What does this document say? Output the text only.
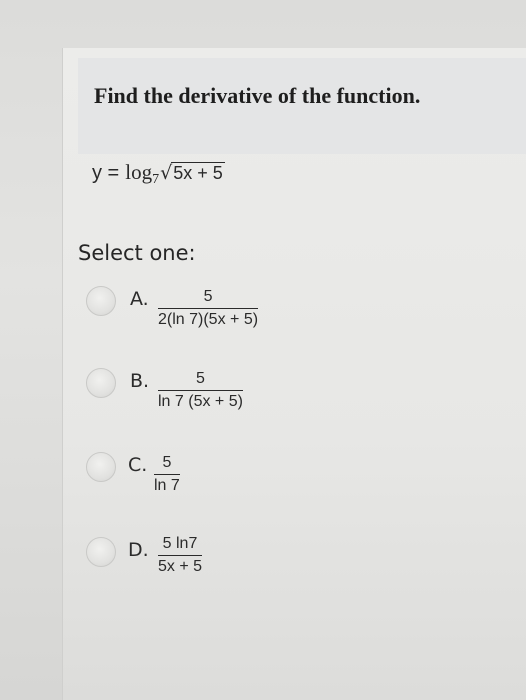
Find the derivative of the function.
y = log 7 √ 5x + 5
Select one:
A. $\frac{5}{2(\ln 7)(5x + 5)}$
B. $\frac{5}{\ln 7 (5x + 5)}$
C. $\frac{5}{\ln 7}$
D. $\frac{5 \ln 7}{5x + 5}$
